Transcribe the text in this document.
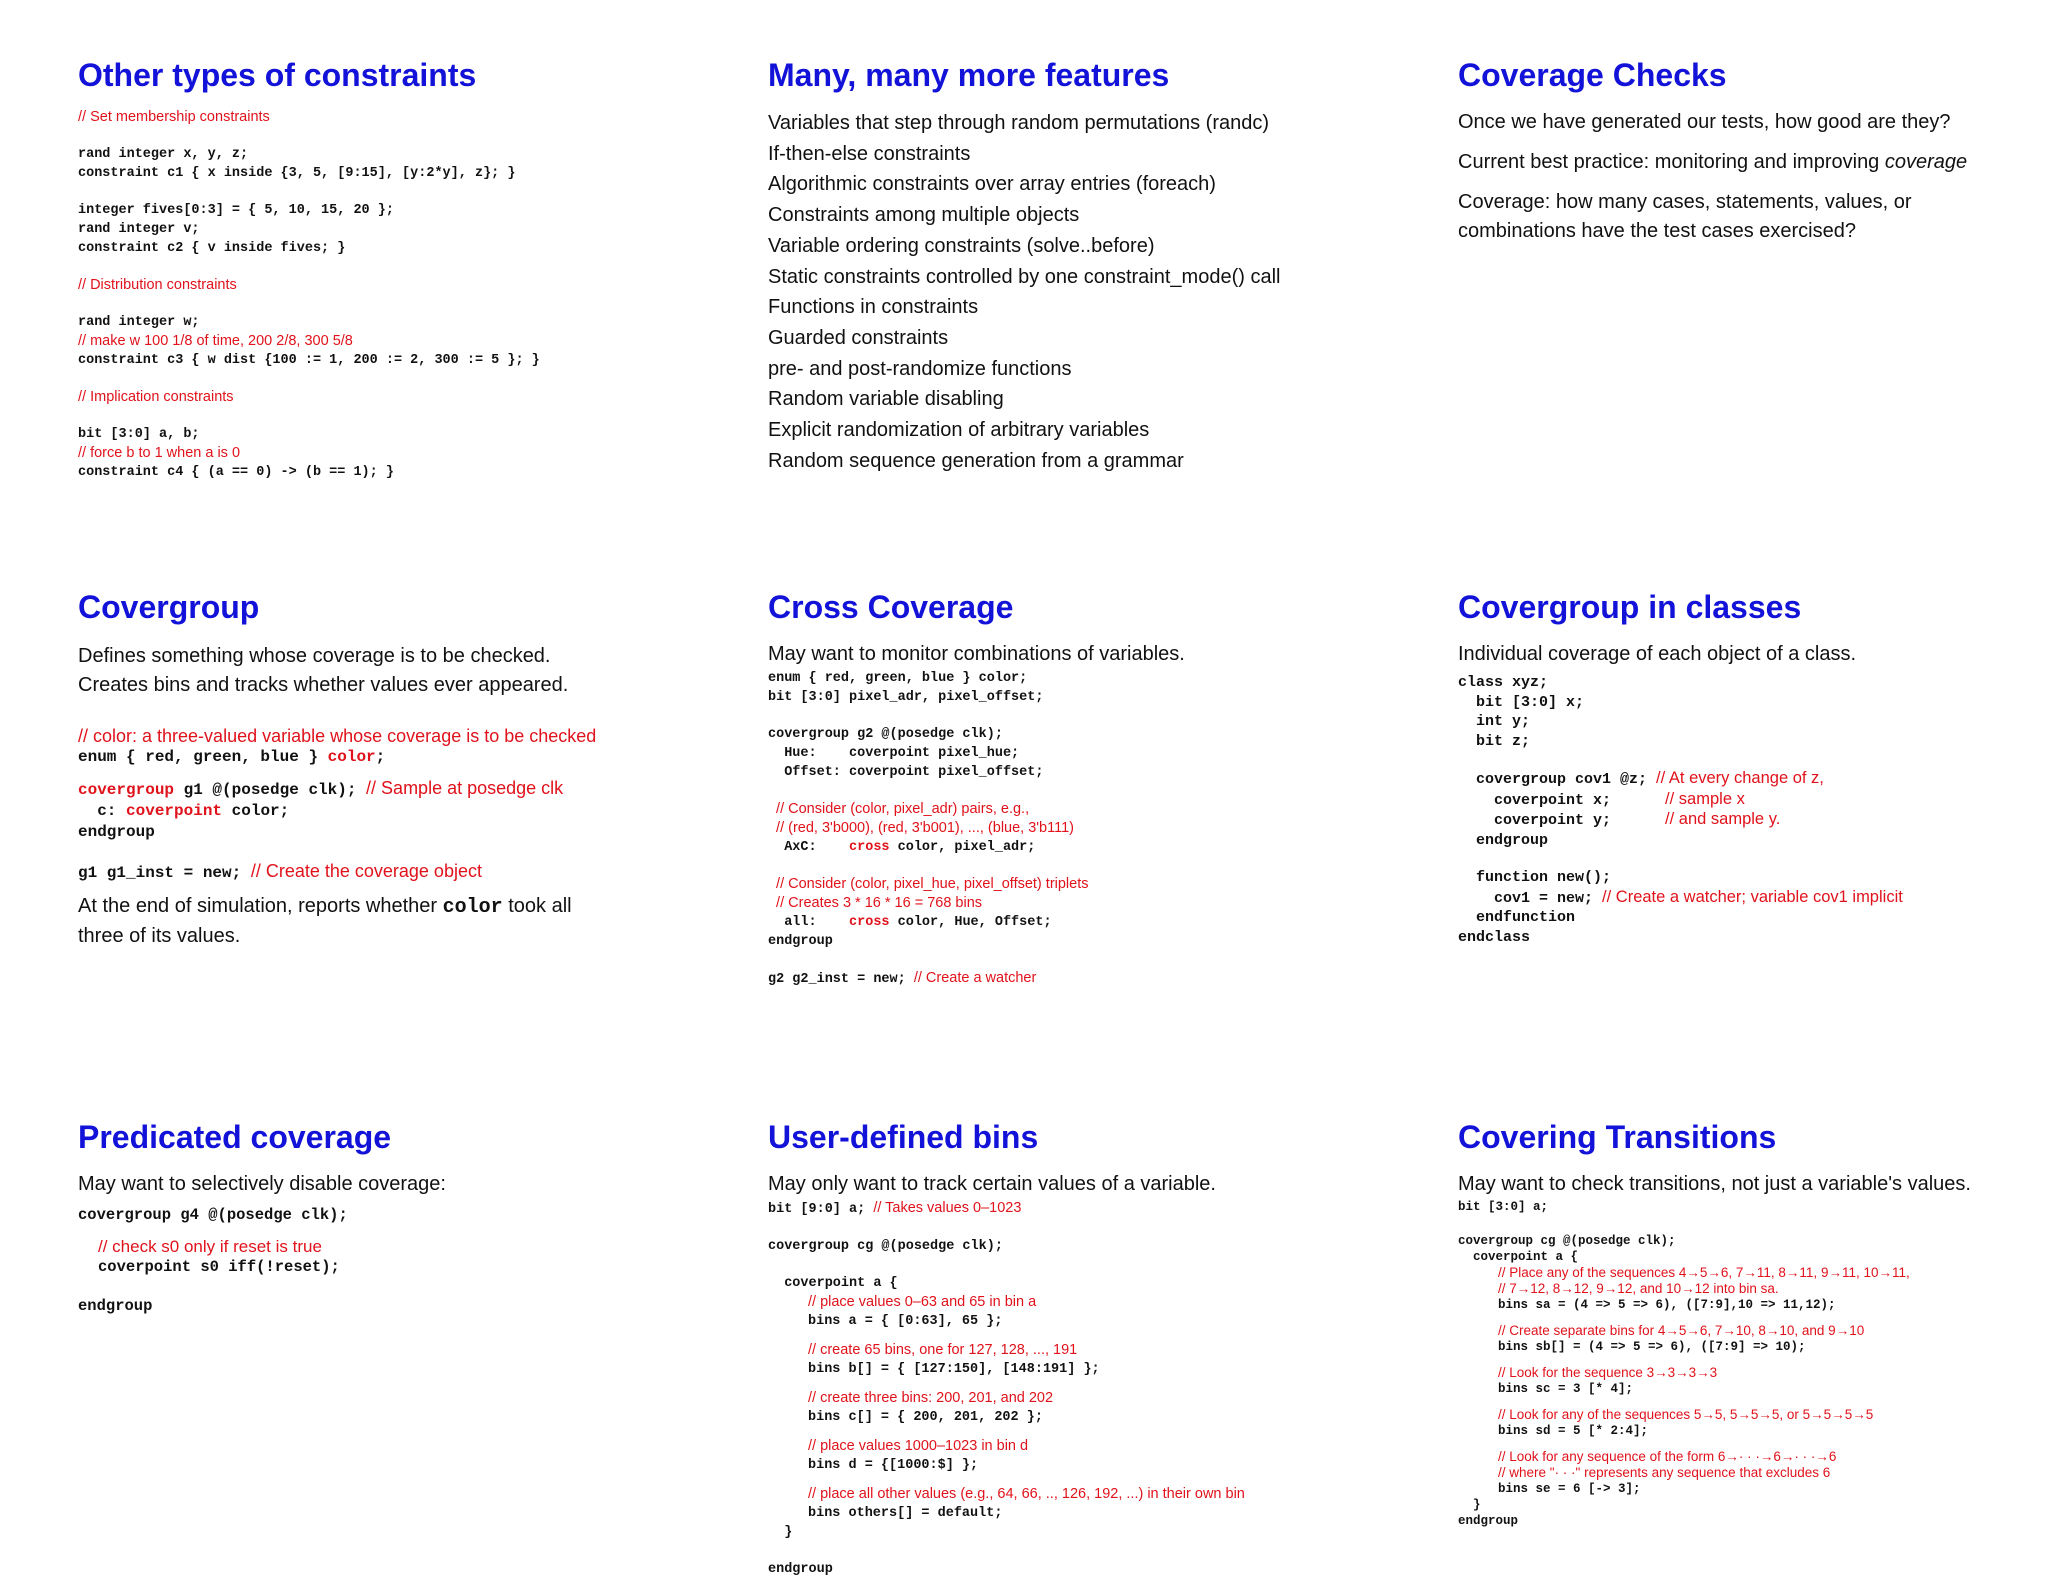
Other types of constraints
// Set membership constraints
rand integer x, y, z;
constraint c1 { x inside {3, 5, [9:15], [y:2*y], z}; }
integer fives[0:3] = { 5, 10, 15, 20 };
rand integer v;
constraint c2 { v inside fives; }
// Distribution constraints
rand integer w;
// make w 100 1/8 of time, 200 2/8, 300 5/8
constraint c3 { w dist {100 := 1, 200 := 2, 300 := 5 }; }
// Implication constraints
bit [3:0] a, b;
// force b to 1 when a is 0
constraint c4 { (a == 0) -> (b == 1); }
Many, many more features
Variables that step through random permutations (randc)
If-then-else constraints
Algorithmic constraints over array entries (foreach)
Constraints among multiple objects
Variable ordering constraints (solve..before)
Static constraints controlled by one constraint_mode() call
Functions in constraints
Guarded constraints
pre- and post-randomize functions
Random variable disabling
Explicit randomization of arbitrary variables
Random sequence generation from a grammar
Coverage Checks
Once we have generated our tests, how good are they?
Current best practice: monitoring and improving coverage
Coverage: how many cases, statements, values, or
combinations have the test cases exercised?
Covergroup
Defines something whose coverage is to be checked.
Creates bins and tracks whether values ever appeared.
// color: a three-valued variable whose coverage is to be checked
enum { red, green, blue } color;
covergroup g1 @(posedge clk); // Sample at posedge clk
c: coverpoint color;
endgroup
g1 g1_inst = new; // Create the coverage object
At the end of simulation, reports whether color took all
three of its values.
Cross Coverage
May want to monitor combinations of variables.
enum { red, green, blue } color;
bit [3:0] pixel_adr, pixel_offset;
covergroup g2 @(posedge clk);
Hue:    coverpoint pixel_hue;
Offset: coverpoint pixel_offset;
// Consider (color, pixel_adr) pairs, e.g.,
// (red, 3'b000), (red, 3'b001), ..., (blue, 3'b111)
AxC:    cross color, pixel_adr;
// Consider (color, pixel_hue, pixel_offset) triplets
// Creates 3 * 16 * 16 = 768 bins
all:    cross color, Hue, Offset;
endgroup
g2 g2_inst = new; // Create a watcher
Covergroup in classes
Individual coverage of each object of a class.
class xyz;
bit [3:0] x;
int y;
bit z;
covergroup cov1 @z; // At every change of z,
coverpoint x;      // sample x
coverpoint y;      // and sample y.
endgroup
function new();
cov1 = new; // Create a watcher; variable cov1 implicit
endfunction
endclass
Predicated coverage
May want to selectively disable coverage:
covergroup g4 @(posedge clk);
// check s0 only if reset is true
coverpoint s0 iff(!reset);
endgroup
User-defined bins
May only want to track certain values of a variable.
bit [9:0] a; // Takes values 0–1023
covergroup cg @(posedge clk);
coverpoint a {
// place values 0–63 and 65 in bin a
bins a = { [0:63], 65 };
// create 65 bins, one for 127, 128, ..., 191
bins b[] = { [127:150], [148:191] };
// create three bins: 200, 201, and 202
bins c[] = { 200, 201, 202 };
// place values 1000–1023 in bin d
bins d = {[1000:$] };
// place all other values (e.g., 64, 66, .., 126, 192, ...) in their own bin
bins others[] = default;
}
endgroup
Covering Transitions
May want to check transitions, not just a variable's values.
bit [3:0] a;
covergroup cg @(posedge clk);
coverpoint a {
// Place any of the sequences 4→5→6, 7→11, 8→11, 9→11, 10→11,
// 7→12, 8→12, 9→12, and 10→12 into bin sa.
bins sa = (4 => 5 => 6), ([7:9],10 => 11,12);
// Create separate bins for 4→5→6, 7→10, 8→10, and 9→10
bins sb[] = (4 => 5 => 6), ([7:9] => 10);
// Look for the sequence 3→3→3→3
bins sc = 3 [* 4];
// Look for any of the sequences 5→5, 5→5→5, or 5→5→5→5
bins sd = 5 [* 2:4];
// Look for any sequence of the form 6→· · ·→6→· · ·→6
// where "· · ·" represents any sequence that excludes 6
bins se = 6 [-> 3];
}
endgroup
